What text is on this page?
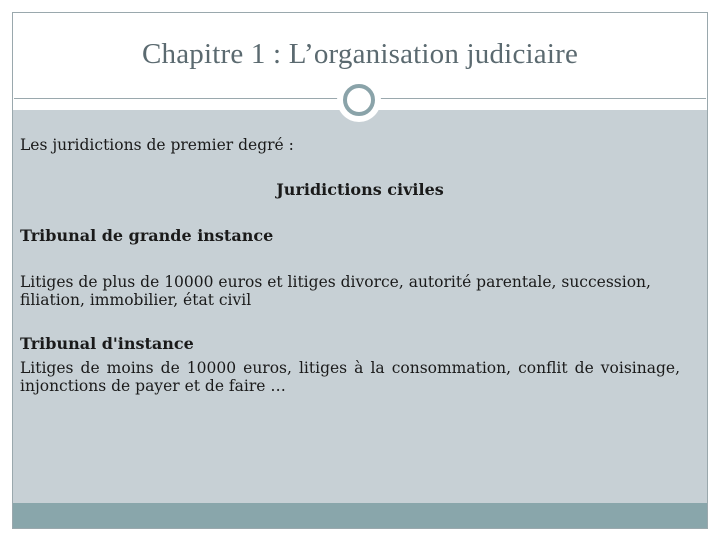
Chapitre 1 : L’organisation judiciaire
Les juridictions de premier degré :
Juridictions civiles
Tribunal de grande instance
Litiges de plus de 10000 euros et litiges divorce, autorité parentale, succession, filiation, immobilier, état civil
Tribunal d'instance
Litiges de moins de 10000 euros, litiges à la consommation, conflit de voisinage, injonctions de payer et de faire …
